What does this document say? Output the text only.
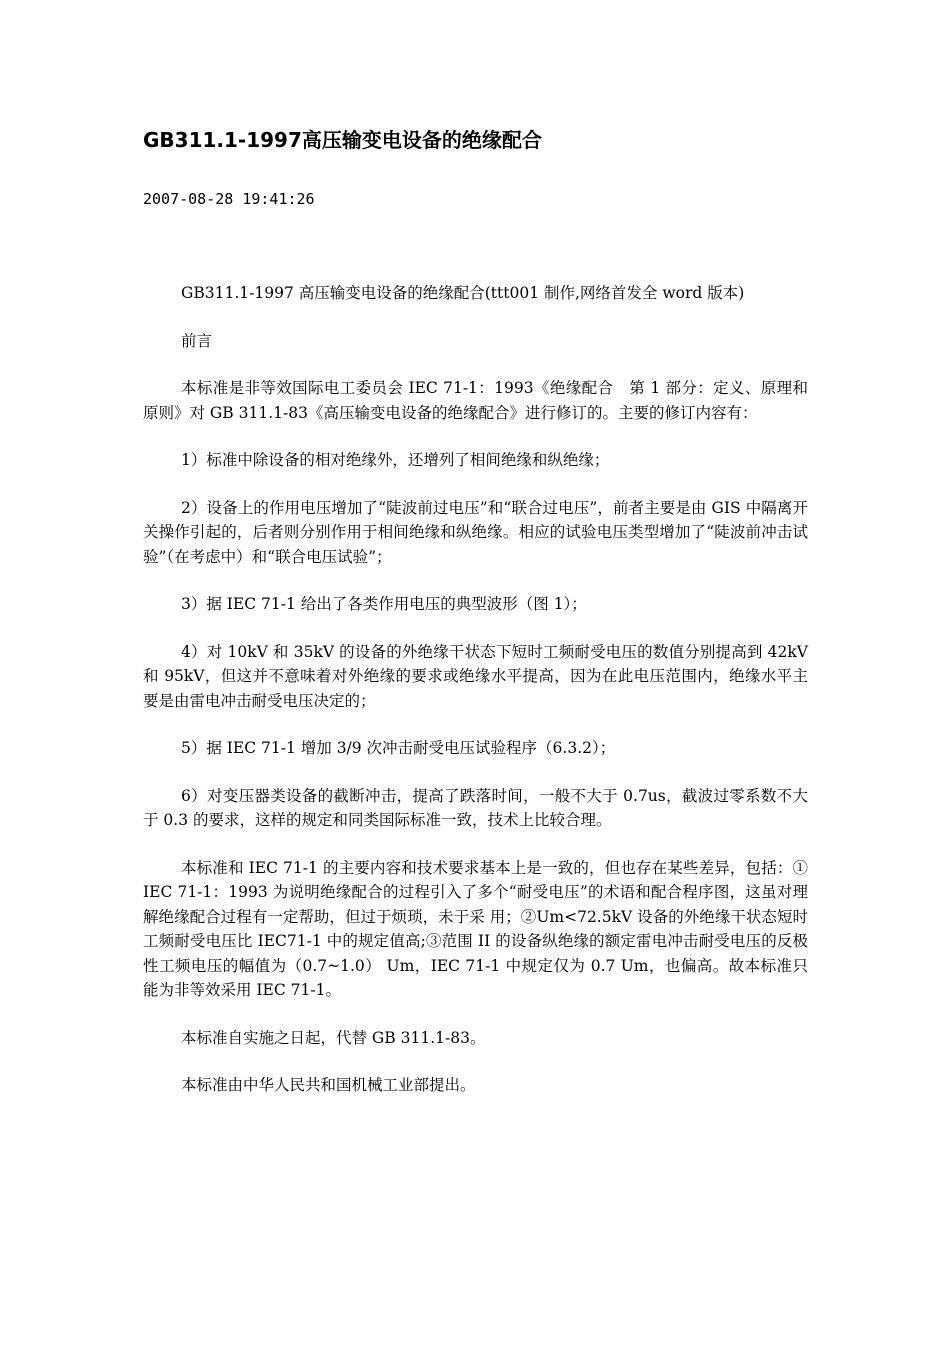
GB311.1-1997高压输变电设备的绝缘配合
2007-08-28 19:41:26

GB311.1-1997 高压输变电设备的绝缘配合(ttt001 制作,网络首发全 word 版本)

前言

本标准是非等效国际电工委员会 IEC 71-1：1993《绝缘配合　第 1 部分：定义、原理和原则》对 GB 311.1-83《高压输变电设备的绝缘配合》进行修订的。主要的修订内容有：

1）标准中除设备的相对绝缘外，还增列了相间绝缘和纵绝缘；

2）设备上的作用电压增加了“陡波前过电压”和“联合过电压”，前者主要是由 GIS 中隔离开关操作引起的，后者则分别作用于相间绝缘和纵绝缘。相应的试验电压类型增加了“陡波前冲击试验”（在考虑中）和“联合电压试验”；

3）据 IEC 71-1 给出了各类作用电压的典型波形（图 1）；

4）对 10kV 和 35kV 的设备的外绝缘干状态下短时工频耐受电压的数值分别提高到 42kV 和 95kV，但这并不意味着对外绝缘的要求或绝缘水平提高，因为在此电压范围内，绝缘水平主要是由雷电冲击耐受电压决定的；

5）据 IEC 71-1 增加 3/9 次冲击耐受电压试验程序（6.3.2）；

6）对变压器类设备的截断冲击，提高了跌落时间，一般不大于 0.7us，截波过零系数不大于 0.3 的要求，这样的规定和同类国际标准一致，技术上比较合理。

本标准和 IEC 71-1 的主要内容和技术要求基本上是一致的，但也存在某些差异，包括：①IEC 71-1：1993 为说明绝缘配合的过程引入了多个“耐受电压”的术语和配合程序图，这虽对理解绝缘配合过程有一定帮助，但过于烦琐，未于采 用；②Um<72.5kV 设备的外绝缘干状态短时工频耐受电压比 IEC71-1 中的规定值高;③范围 II 的设备纵绝缘的额定雷电冲击耐受电压的反极 性工频电压的幅值为（0.7~1.0） Um，IEC 71-1 中规定仅为 0.7 Um，也偏高。故本标准只能为非等效采用 IEC 71-1。

本标准自实施之日起，代替 GB 311.1-83。

本标准由中华人民共和国机械工业部提出。
